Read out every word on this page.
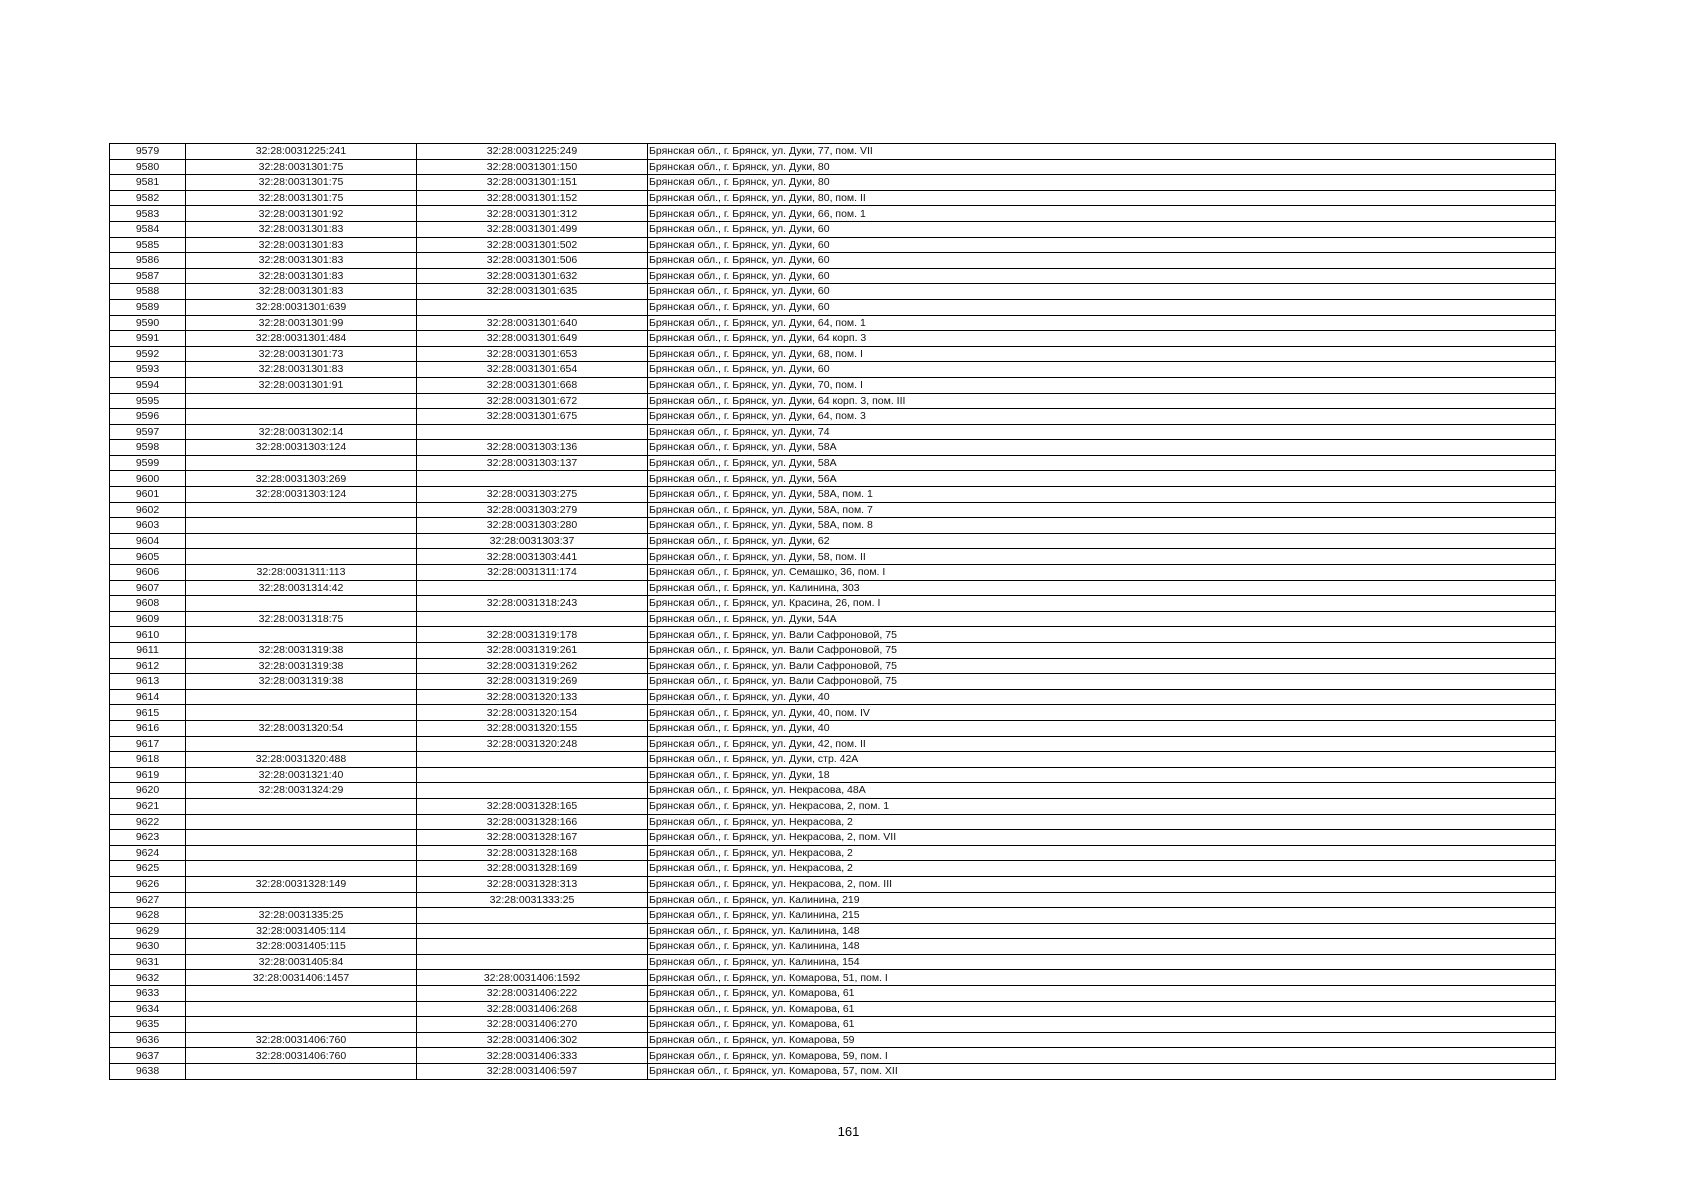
9579	32:28:0031225:241	32:28:0031225:249	Брянская обл., г. Брянск, ул. Дуки, 77, пом. VII
9580	32:28:0031301:75	32:28:0031301:150	Брянская обл., г. Брянск, ул. Дуки, 80
9581	32:28:0031301:75	32:28:0031301:151	Брянская обл., г. Брянск, ул. Дуки, 80
9582	32:28:0031301:75	32:28:0031301:152	Брянская обл., г. Брянск, ул. Дуки, 80, пом. II
9583	32:28:0031301:92	32:28:0031301:312	Брянская обл., г. Брянск, ул. Дуки, 66, пом. 1
9584	32:28:0031301:83	32:28:0031301:499	Брянская обл., г. Брянск, ул. Дуки, 60
9585	32:28:0031301:83	32:28:0031301:502	Брянская обл., г. Брянск, ул. Дуки, 60
9586	32:28:0031301:83	32:28:0031301:506	Брянская обл., г. Брянск, ул. Дуки, 60
9587	32:28:0031301:83	32:28:0031301:632	Брянская обл., г. Брянск, ул. Дуки, 60
9588	32:28:0031301:83	32:28:0031301:635	Брянская обл., г. Брянск, ул. Дуки, 60
9589	32:28:0031301:639		Брянская обл., г. Брянск, ул. Дуки, 60
9590	32:28:0031301:99	32:28:0031301:640	Брянская обл., г. Брянск, ул. Дуки, 64, пом. 1
9591	32:28:0031301:484	32:28:0031301:649	Брянская обл., г. Брянск, ул. Дуки, 64 корп. 3
9592	32:28:0031301:73	32:28:0031301:653	Брянская обл., г. Брянск, ул. Дуки, 68, пом. I
9593	32:28:0031301:83	32:28:0031301:654	Брянская обл., г. Брянск, ул. Дуки, 60
9594	32:28:0031301:91	32:28:0031301:668	Брянская обл., г. Брянск, ул. Дуки, 70, пом. I
9595		32:28:0031301:672	Брянская обл., г. Брянск, ул. Дуки, 64 корп. 3, пом. III
9596		32:28:0031301:675	Брянская обл., г. Брянск, ул. Дуки, 64, пом. 3
9597	32:28:0031302:14		Брянская обл., г. Брянск, ул. Дуки, 74
9598	32:28:0031303:124	32:28:0031303:136	Брянская обл., г. Брянск, ул. Дуки, 58А
9599		32:28:0031303:137	Брянская обл., г. Брянск, ул. Дуки, 58А
9600	32:28:0031303:269		Брянская обл., г. Брянск, ул. Дуки, 56А
9601	32:28:0031303:124	32:28:0031303:275	Брянская обл., г. Брянск, ул. Дуки, 58А, пом. 1
9602		32:28:0031303:279	Брянская обл., г. Брянск, ул. Дуки, 58А, пом. 7
9603		32:28:0031303:280	Брянская обл., г. Брянск, ул. Дуки, 58А, пом. 8
9604		32:28:0031303:37	Брянская обл., г. Брянск, ул. Дуки, 62
9605		32:28:0031303:441	Брянская обл., г. Брянск, ул. Дуки, 58, пом. II
9606	32:28:0031311:113	32:28:0031311:174	Брянская обл., г. Брянск, ул. Семашко, 36, пом. I
9607	32:28:0031314:42		Брянская обл., г. Брянск, ул. Калинина, 303
9608		32:28:0031318:243	Брянская обл., г. Брянск, ул. Красина, 26, пом. I
9609	32:28:0031318:75		Брянская обл., г. Брянск, ул. Дуки, 54А
9610		32:28:0031319:178	Брянская обл., г. Брянск, ул. Вали Сафроновой, 75
9611	32:28:0031319:38	32:28:0031319:261	Брянская обл., г. Брянск, ул. Вали Сафроновой, 75
9612	32:28:0031319:38	32:28:0031319:262	Брянская обл., г. Брянск, ул. Вали Сафроновой, 75
9613	32:28:0031319:38	32:28:0031319:269	Брянская обл., г. Брянск, ул. Вали Сафроновой, 75
9614		32:28:0031320:133	Брянская обл., г. Брянск, ул. Дуки, 40
9615		32:28:0031320:154	Брянская обл., г. Брянск, ул. Дуки, 40, пом. IV
9616	32:28:0031320:54	32:28:0031320:155	Брянская обл., г. Брянск, ул. Дуки, 40
9617		32:28:0031320:248	Брянская обл., г. Брянск, ул. Дуки, 42, пом. II
9618	32:28:0031320:488		Брянская обл., г. Брянск, ул. Дуки, стр. 42А
9619	32:28:0031321:40		Брянская обл., г. Брянск, ул. Дуки, 18
9620	32:28:0031324:29		Брянская обл., г. Брянск, ул. Некрасова, 48А
9621		32:28:0031328:165	Брянская обл., г. Брянск, ул. Некрасова, 2, пом. 1
9622		32:28:0031328:166	Брянская обл., г. Брянск, ул. Некрасова, 2
9623		32:28:0031328:167	Брянская обл., г. Брянск, ул. Некрасова, 2, пом. VII
9624		32:28:0031328:168	Брянская обл., г. Брянск, ул. Некрасова, 2
9625		32:28:0031328:169	Брянская обл., г. Брянск, ул. Некрасова, 2
9626	32:28:0031328:149	32:28:0031328:313	Брянская обл., г. Брянск, ул. Некрасова, 2, пом. III
9627		32:28:0031333:25	Брянская обл., г. Брянск, ул. Калинина, 219
9628	32:28:0031335:25		Брянская обл., г. Брянск, ул. Калинина, 215
9629	32:28:0031405:114		Брянская обл., г. Брянск, ул. Калинина, 148
9630	32:28:0031405:115		Брянская обл., г. Брянск, ул. Калинина, 148
9631	32:28:0031405:84		Брянская обл., г. Брянск, ул. Калинина, 154
9632	32:28:0031406:1457	32:28:0031406:1592	Брянская обл., г. Брянск, ул. Комарова, 51, пом. I
9633		32:28:0031406:222	Брянская обл., г. Брянск, ул. Комарова, 61
9634		32:28:0031406:268	Брянская обл., г. Брянск, ул. Комарова, 61
9635		32:28:0031406:270	Брянская обл., г. Брянск, ул. Комарова, 61
9636	32:28:0031406:760	32:28:0031406:302	Брянская обл., г. Брянск, ул. Комарова, 59
9637	32:28:0031406:760	32:28:0031406:333	Брянская обл., г. Брянск, ул. Комарова, 59, пом. I
9638		32:28:0031406:597	Брянская обл., г. Брянск, ул. Комарова, 57, пом. XII
161
